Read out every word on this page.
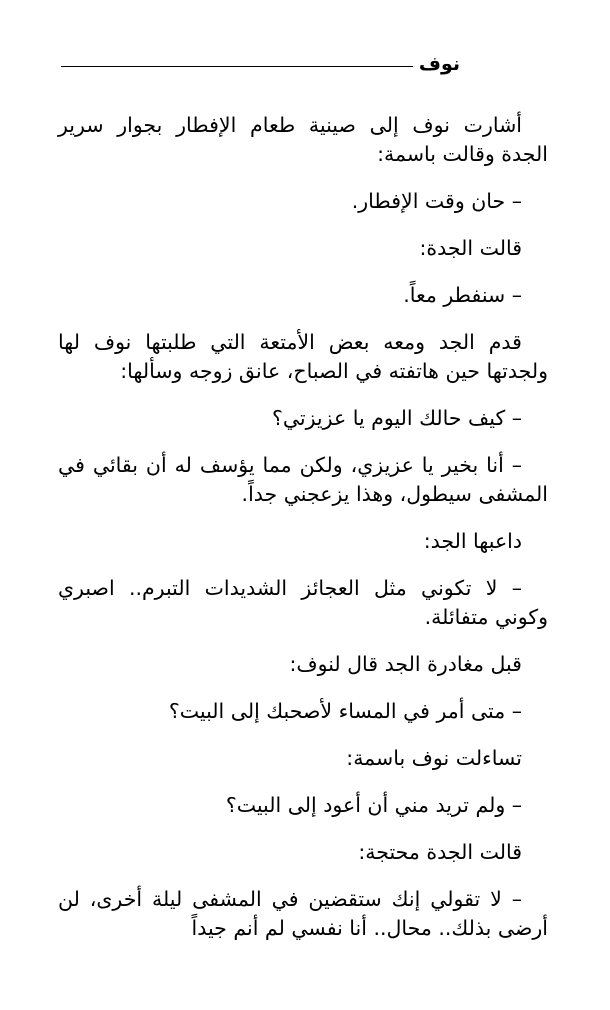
نوف

أشارت نوف إلى صينية طعام الإفطار بجوار سرير الجدة وقالت باسمة:

– حان وقت الإفطار.

قالت الجدة:

– سنفطر معاً.

قدم الجد ومعه بعض الأمتعة التي طلبتها نوف لها ولجدتها حين هاتفته في الصباح، عانق زوجه وسألها:

– كيف حالك اليوم يا عزيزتي؟

– أنا بخير يا عزيزي، ولكن مما يؤسف له أن بقائي في المشفى سيطول، وهذا يزعجني جداً.

داعبها الجد:

– لا تكوني مثل العجائز الشديدات التبرم.. اصبري وكوني متفائلة.

قبل مغادرة الجد قال لنوف:

– متى أمر في المساء لأصحبك إلى البيت؟

تساءلت نوف باسمة:

– ولم تريد مني أن أعود إلى البيت؟

قالت الجدة محتجة:

– لا تقولي إنك ستقضين في المشفى ليلة أخرى، لن أرضى بذلك.. محال.. أنا نفسي لم أنم جيداً
